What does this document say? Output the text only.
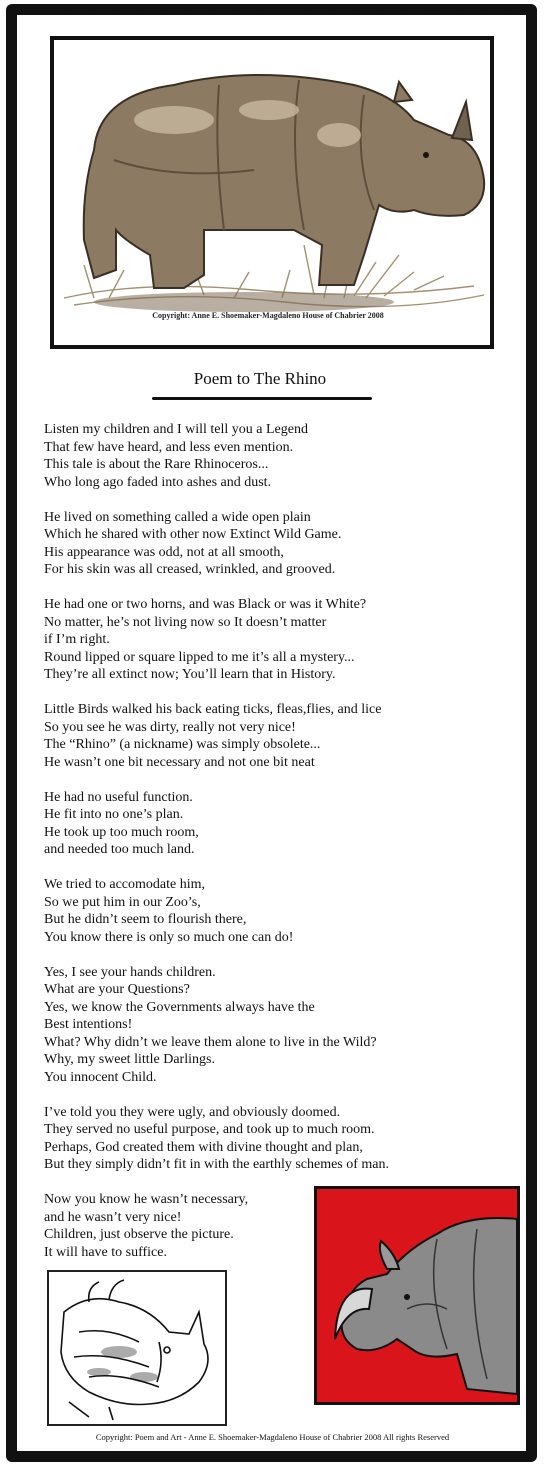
Copyright: Anne E. Shoemaker-Magdaleno House of Chabrier 2008
Poem to The Rhino
Listen my children and I will tell you a Legend
That few have heard, and less even mention.
This tale is about the Rare Rhinoceros...
Who long ago faded into ashes and dust.
He lived on something called a wide open plain
Which he shared with other now Extinct Wild Game.
His appearance was odd, not at all smooth,
For his skin was all creased, wrinkled, and grooved.
He had one or two horns, and was Black or was it White?
No matter, he’s not living now so It doesn’t matter
if I’m right.
Round lipped or square lipped to me it’s all a mystery...
They’re all extinct now; You’ll learn that in History.
Little Birds walked his back eating ticks, fleas,flies, and lice
So you see he was dirty, really not very nice!
The “Rhino” (a nickname) was simply obsolete...
He wasn’t one bit necessary and not one bit neat
He had no useful function.
He fit into no one’s plan.
He took up too much room,
and needed too much land.
We tried to accomodate him,
So we put him in our Zoo’s,
But he didn’t seem to flourish there,
You know there is only so much one can do!
Yes, I see your hands children.
What are your Questions?
Yes, we know the Governments always have the
Best intentions!
What? Why didn’t we leave them alone to live in the Wild?
Why, my sweet little Darlings.
You innocent Child.
I’ve told you they were ugly, and obviously doomed.
They served no useful purpose, and took up to much room.
Perhaps, God created them with divine thought and plan,
But they simply didn’t fit in with the earthly schemes of man.
Now you know he wasn’t necessary,
and he wasn’t very nice!
Children, just observe the picture.
It will have to suffice.
Copyright: Poem and Art - Anne E. Shoemaker-Magdaleno House of Chabrier 2008 All rights Reserved
